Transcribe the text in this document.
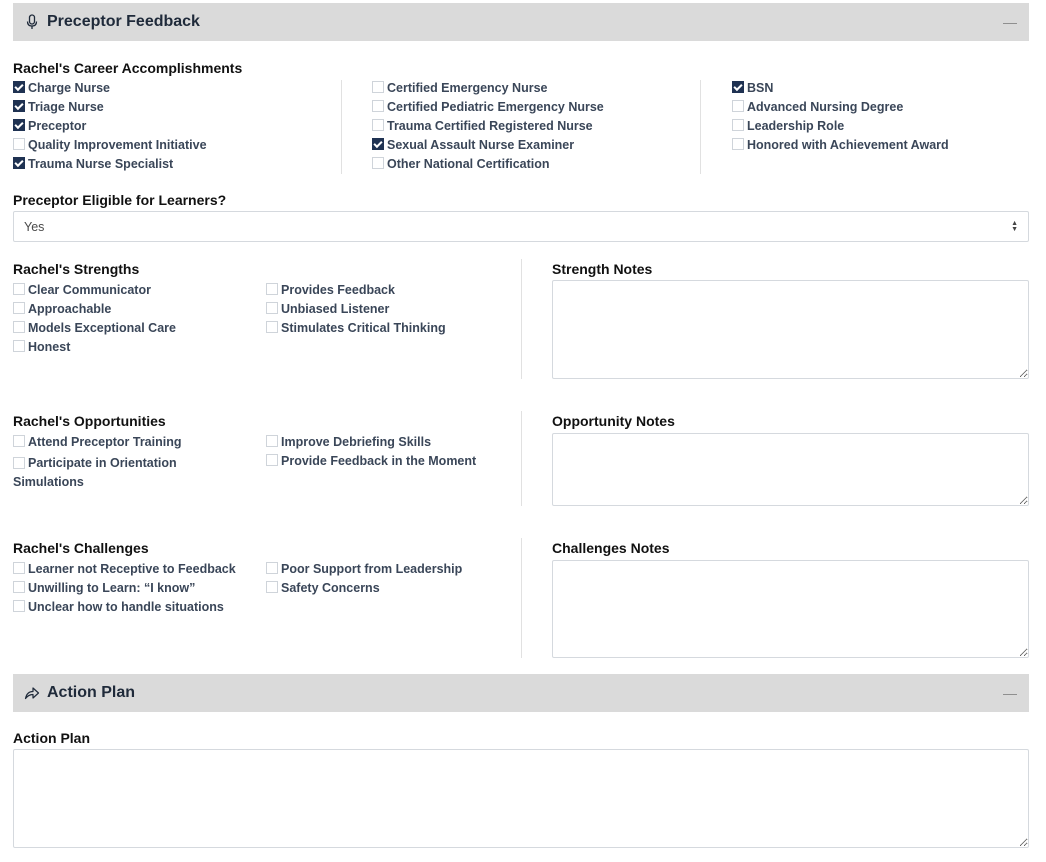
Preceptor Feedback	—
Rachel's Career Accomplishments
Charge Nurse
Triage Nurse
Preceptor
Quality Improvement Initiative
Trauma Nurse Specialist
Certified Emergency Nurse
Certified Pediatric Emergency Nurse
Trauma Certified Registered Nurse
Sexual Assault Nurse Examiner
Other National Certification
BSN
Advanced Nursing Degree
Leadership Role
Honored with Achievement Award
Preceptor Eligible for Learners?
Yes	▲
▼
Rachel's Strengths
Clear Communicator
Approachable
Models Exceptional Care
Honest
Provides Feedback
Unbiased Listener
Stimulates Critical Thinking
Strength Notes
Rachel's Opportunities
Attend Preceptor Training
Participate in Orientation Simulations
Improve Debriefing Skills
Provide Feedback in the Moment
Opportunity Notes
Rachel's Challenges
Learner not Receptive to Feedback
Unwilling to Learn: “I know”
Unclear how to handle situations
Poor Support from Leadership
Safety Concerns
Challenges Notes
Action Plan	—
Action Plan
